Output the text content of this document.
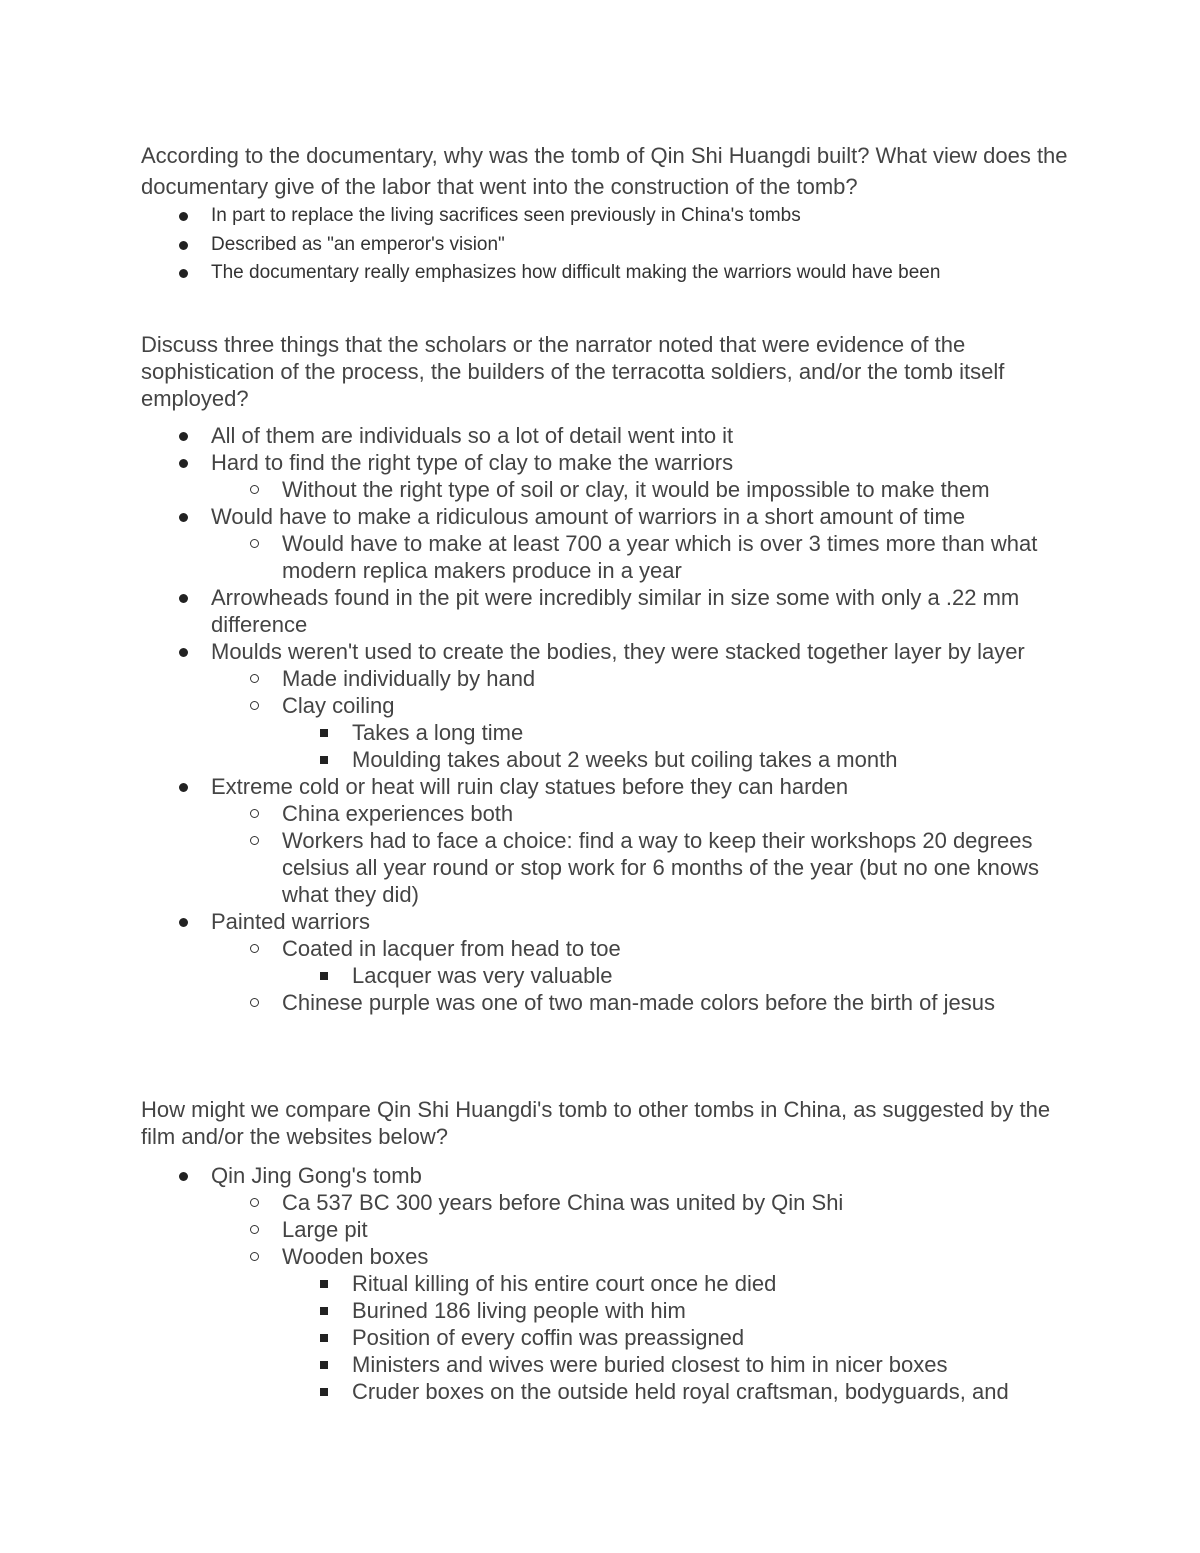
According to the documentary, why was the tomb of Qin Shi Huangdi built? What view does the documentary give of the labor that went into the construction of the tomb?

In part to replace the living sacrifices seen previously in China's tombs
Described as "an emperor's vision"
The documentary really emphasizes how difficult making the warriors would have been

Discuss three things that the scholars or the narrator noted that were evidence of the sophistication of the process, the builders of the terracotta soldiers, and/or the tomb itself employed?

All of them are individuals so a lot of detail went into it
Hard to find the right type of clay to make the warriors
Without the right type of soil or clay, it would be impossible to make them
Would have to make a ridiculous amount of warriors in a short amount of time
Would have to make at least 700 a year which is over 3 times more than what modern replica makers produce in a year
Arrowheads found in the pit were incredibly similar in size some with only a .22 mm difference
Moulds weren't used to create the bodies, they were stacked together layer by layer
Made individually by hand
Clay coiling
Takes a long time
Moulding takes about 2 weeks but coiling takes a month
Extreme cold or heat will ruin clay statues before they can harden
China experiences both
Workers had to face a choice: find a way to keep their workshops 20 degrees celsius all year round or stop work for 6 months of the year (but no one knows what they did)
Painted warriors
Coated in lacquer from head to toe
Lacquer was very valuable
Chinese purple was one of two man-made colors before the birth of jesus

How might we compare Qin Shi Huangdi's tomb to other tombs in China, as suggested by the film and/or the websites below?

Qin Jing Gong's tomb
Ca 537 BC 300 years before China was united by Qin Shi
Large pit
Wooden boxes
Ritual killing of his entire court once he died
Burined 186 living people with him
Position of every coffin was preassigned
Ministers and wives were buried closest to him in nicer boxes
Cruder boxes on the outside held royal craftsman, bodyguards, and
